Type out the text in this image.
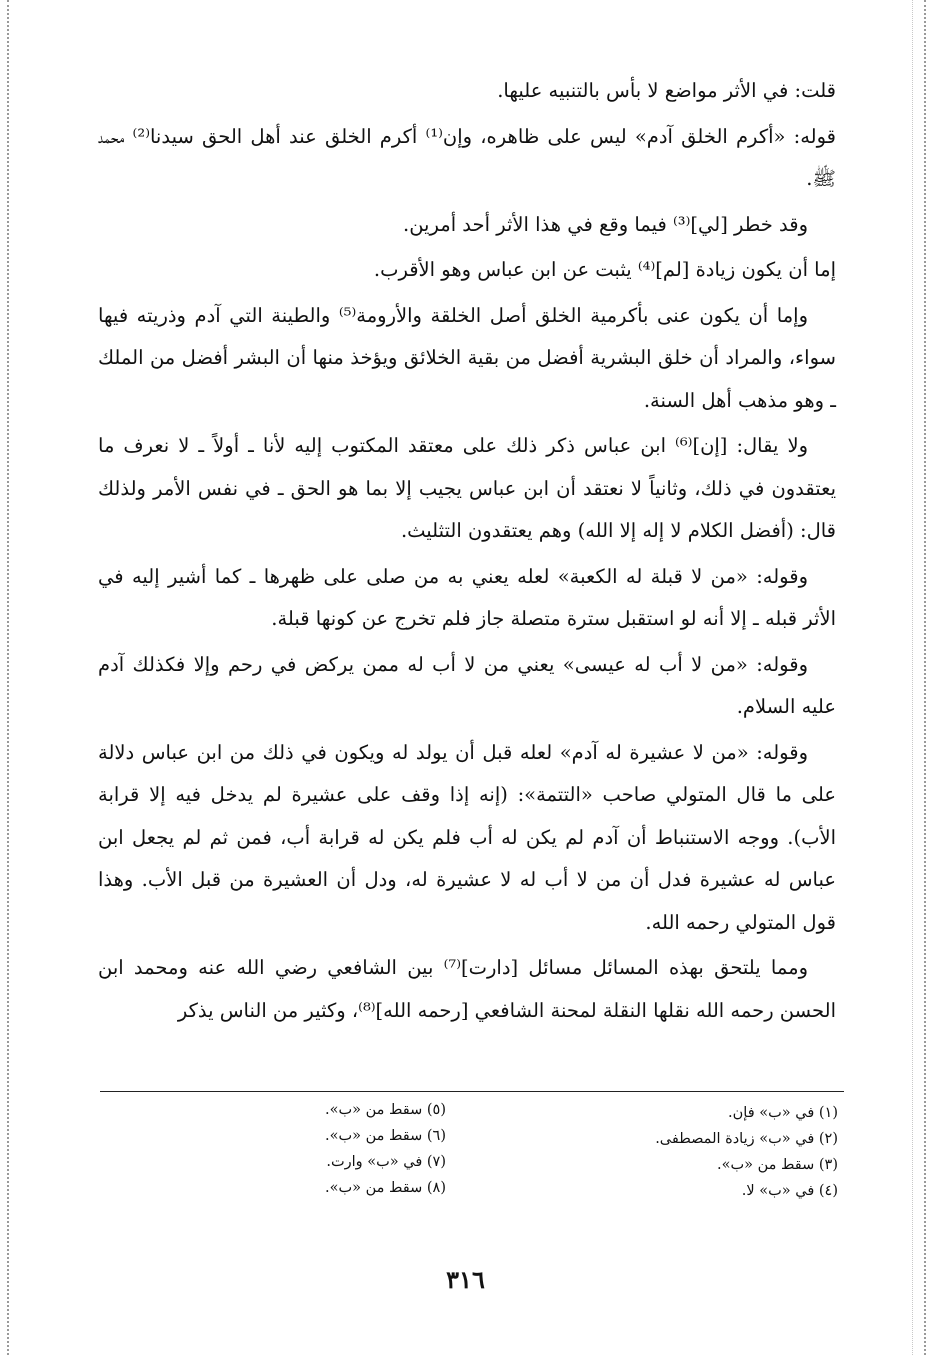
قلت: في الأثر مواضع لا بأس بالتنبيه عليها.

قوله: «أكرم الخلق آدم» ليس على ظاهره، وإن⁽¹⁾ أكرم الخلق عند أهل الحق سيدنا⁽²⁾ محمد ﷺ.

وقد خطر [لي]⁽³⁾ فيما وقع في هذا الأثر أحد أمرين.

إما أن يكون زيادة [لم]⁽⁴⁾ يثبت عن ابن عباس وهو الأقرب.

وإما أن يكون عنى بأكرمية الخلق أصل الخلقة والأرومة⁽⁵⁾ والطينة التي آدم وذريته فيها سواء، والمراد أن خلق البشرية أفضل من بقية الخلائق ويؤخذ منها أن البشر أفضل من الملك ـ وهو مذهب أهل السنة.

ولا يقال: [إن]⁽⁶⁾ ابن عباس ذكر ذلك على معتقد المكتوب إليه لأنا ـ أولاً ـ لا نعرف ما يعتقدون في ذلك، وثانياً لا نعتقد أن ابن عباس يجيب إلا بما هو الحق ـ في نفس الأمر ولذلك قال: (أفضل الكلام لا إله إلا الله) وهم يعتقدون التثليث.

وقوله: «من لا قبلة له الكعبة» لعله يعني به من صلى على ظهرها ـ كما أشير إليه في الأثر قبله ـ إلا أنه لو استقبل سترة متصلة جاز فلم تخرج عن كونها قبلة.

وقوله: «من لا أب له عيسى» يعني من لا أب له ممن يركض في رحم وإلا فكذلك آدم عليه السلام.

وقوله: «من لا عشيرة له آدم» لعله قبل أن يولد له ويكون في ذلك من ابن عباس دلالة على ما قال المتولي صاحب «التتمة»: (إنه إذا وقف على عشيرة لم يدخل فيه إلا قرابة الأب). ووجه الاستنباط أن آدم لم يكن له أب فلم يكن له قرابة أب، فمن ثم لم يجعل ابن عباس له عشيرة فدل أن من لا أب له لا عشيرة له، ودل أن العشيرة من قبل الأب. وهذا قول المتولي رحمه الله.

ومما يلتحق بهذه المسائل مسائل [دارت]⁽⁷⁾ بين الشافعي رضي الله عنه ومحمد ابن الحسن رحمه الله نقلها النقلة لمحنة الشافعي [رحمه الله]⁽⁸⁾، وكثير من الناس يذكر

(١) في «ب» فإن.
(٢) في «ب» زيادة المصطفى.
(٣) سقط من «ب».
(٤) في «ب» لا.
(٥) سقط من «ب».
(٦) سقط من «ب».
(٧) في «ب» وارت.
(٨) سقط من «ب».
٣١٦
